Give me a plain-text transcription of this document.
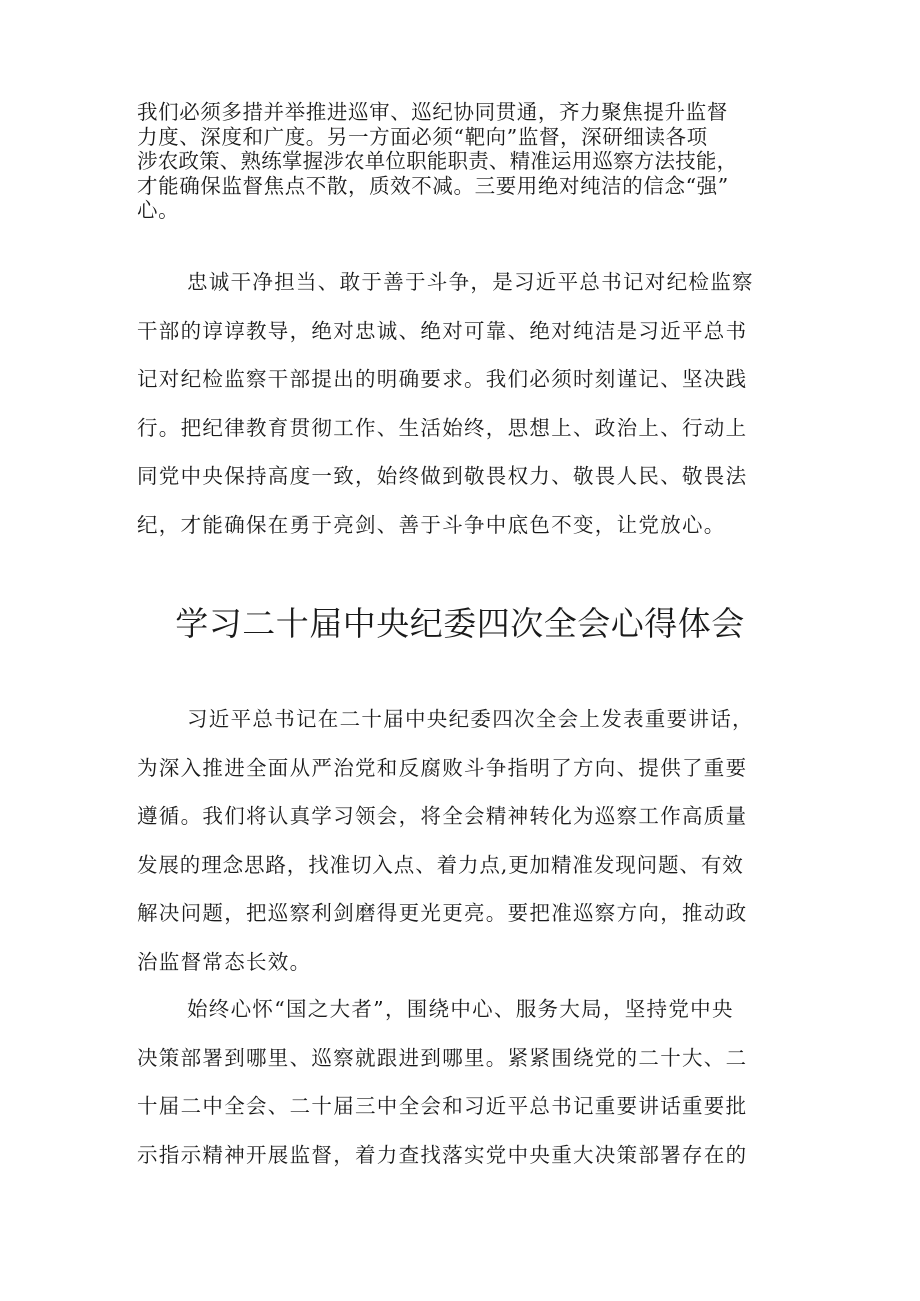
我们必须多措并举推进巡审、巡纪协同贯通，齐力聚焦提升监督
力度、深度和广度。另一方面必须“靶向”监督，深研细读各项
涉农政策、熟练掌握涉农单位职能职责、精准运用巡察方法技能，
才能确保监督焦点不散，质效不减。三要用绝对纯洁的信念“强”
心。
忠诚干净担当、敢于善于斗争，是习近平总书记对纪检监察
干部的谆谆教导，绝对忠诚、绝对可靠、绝对纯洁是习近平总书
记对纪检监察干部提出的明确要求。我们必须时刻谨记、坚决践
行。把纪律教育贯彻工作、生活始终，思想上、政治上、行动上
同党中央保持高度一致，始终做到敬畏权力、敬畏人民、敬畏法
纪，才能确保在勇于亮剑、善于斗争中底色不变，让党放心。
学习二十届中央纪委四次全会心得体会
习近平总书记在二十届中央纪委四次全会上发表重要讲话，
为深入推进全面从严治党和反腐败斗争指明了方向、提供了重要
遵循。我们将认真学习领会，将全会精神转化为巡察工作高质量
发展的理念思路，找准切入点、着力点,更加精准发现问题、有效
解决问题，把巡察利剑磨得更光更亮。要把准巡察方向，推动政
治监督常态长效。
始终心怀“国之大者”，围绕中心、服务大局，坚持党中央
决策部署到哪里、巡察就跟进到哪里。紧紧围绕党的二十大、二
十届二中全会、二十届三中全会和习近平总书记重要讲话重要批
示指示精神开展监督，着力查找落实党中央重大决策部署存在的
